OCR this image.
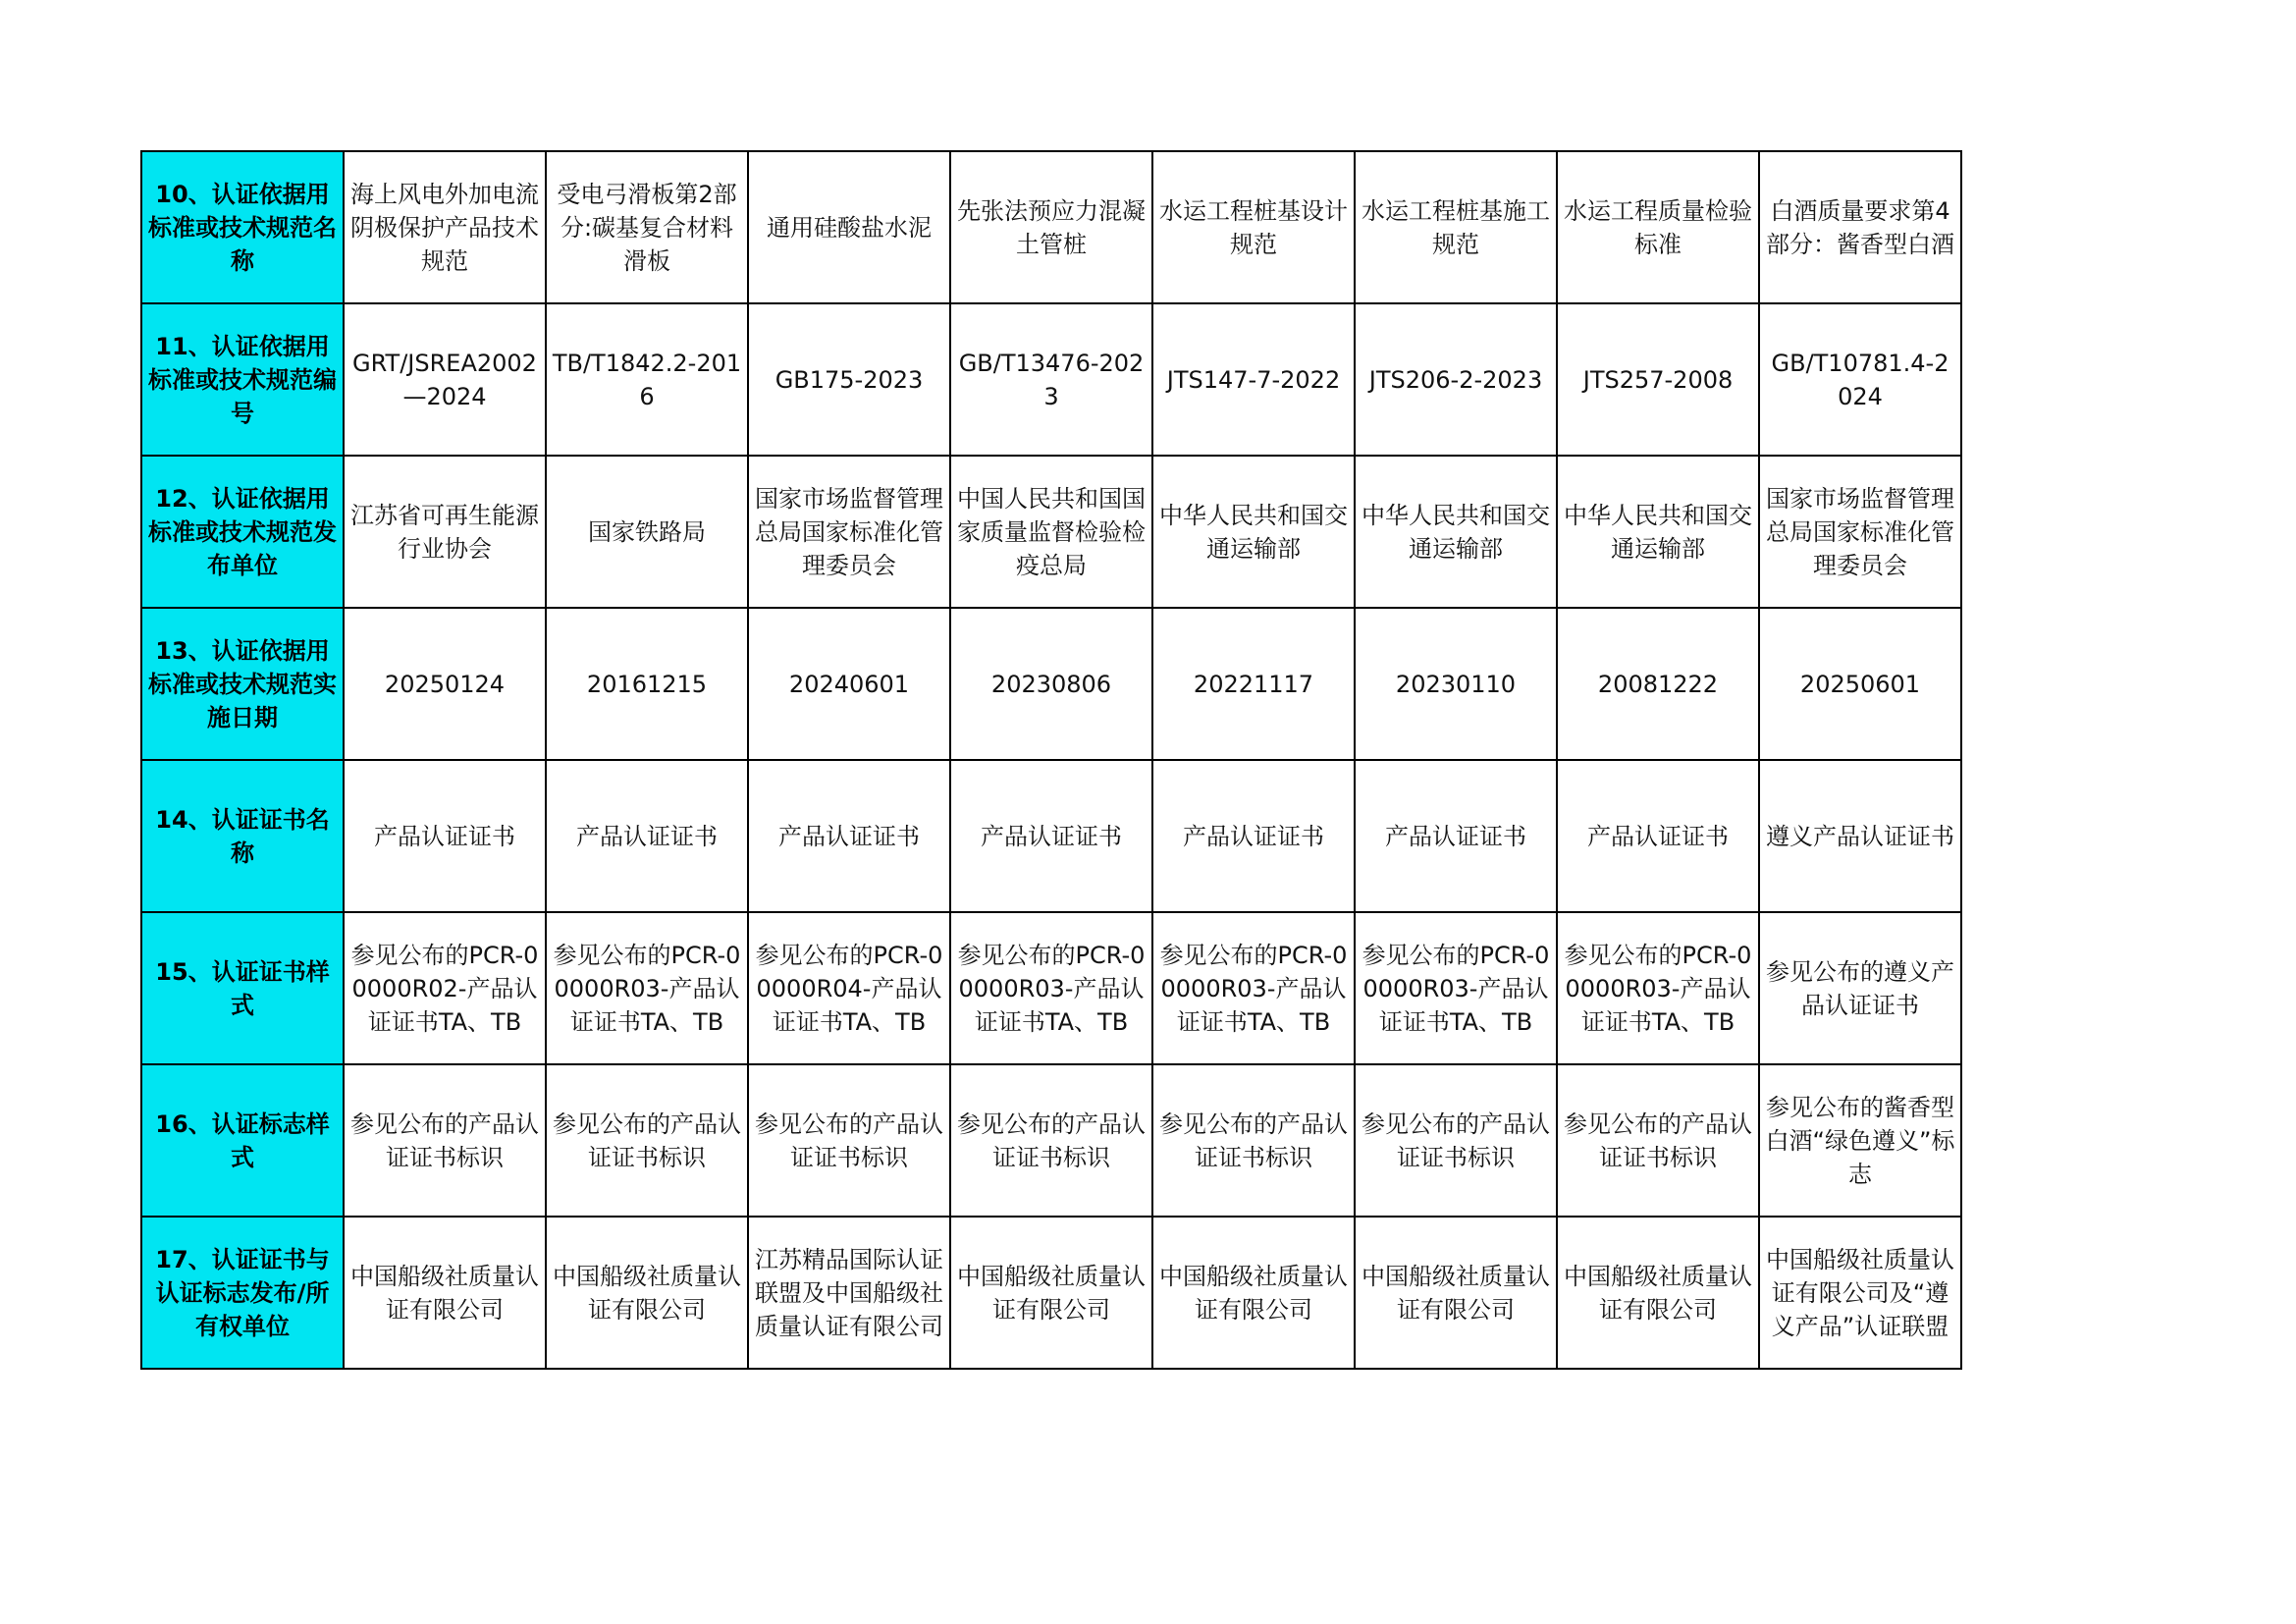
10、认证依据用标准或技术规范名称	海上风电外加电流阴极保护产品技术规范	受电弓滑板第2部分:碳基复合材料滑板	通用硅酸盐水泥	先张法预应力混凝土管桩	水运工程桩基设计规范	水运工程桩基施工规范	水运工程质量检验标准	白酒质量要求第4部分：酱香型白酒
11、认证依据用标准或技术规范编号	GRT/JSREA2002—2024	TB/T1842.2-2016	GB175-2023	GB/T13476-2023	JTS147-7-2022	JTS206-2-2023	JTS257-2008	GB/T10781.4-2024
12、认证依据用标准或技术规范发布单位	江苏省可再生能源行业协会	国家铁路局	国家市场监督管理总局国家标准化管理委员会	中国人民共和国国家质量监督检验检疫总局	中华人民共和国交通运输部	中华人民共和国交通运输部	中华人民共和国交通运输部	国家市场监督管理总局国家标准化管理委员会
13、认证依据用标准或技术规范实施日期	20250124	20161215	20240601	20230806	20221117	20230110	20081222	20250601
14、认证证书名称	产品认证证书	产品认证证书	产品认证证书	产品认证证书	产品认证证书	产品认证证书	产品认证证书	遵义产品认证证书
15、认证证书样式	参见公布的PCR-00000R02-产品认证证书TA、TB	参见公布的PCR-00000R03-产品认证证书TA、TB	参见公布的PCR-00000R04-产品认证证书TA、TB	参见公布的PCR-00000R03-产品认证证书TA、TB	参见公布的PCR-00000R03-产品认证证书TA、TB	参见公布的PCR-00000R03-产品认证证书TA、TB	参见公布的PCR-00000R03-产品认证证书TA、TB	参见公布的遵义产品认证证书
16、认证标志样式	参见公布的产品认证证书标识	参见公布的产品认证证书标识	参见公布的产品认证证书标识	参见公布的产品认证证书标识	参见公布的产品认证证书标识	参见公布的产品认证证书标识	参见公布的产品认证证书标识	参见公布的酱香型白酒“绿色遵义”标志
17、认证证书与认证标志发布/所有权单位	中国船级社质量认证有限公司	中国船级社质量认证有限公司	江苏精品国际认证联盟及中国船级社质量认证有限公司	中国船级社质量认证有限公司	中国船级社质量认证有限公司	中国船级社质量认证有限公司	中国船级社质量认证有限公司	中国船级社质量认证有限公司及“遵义产品”认证联盟
